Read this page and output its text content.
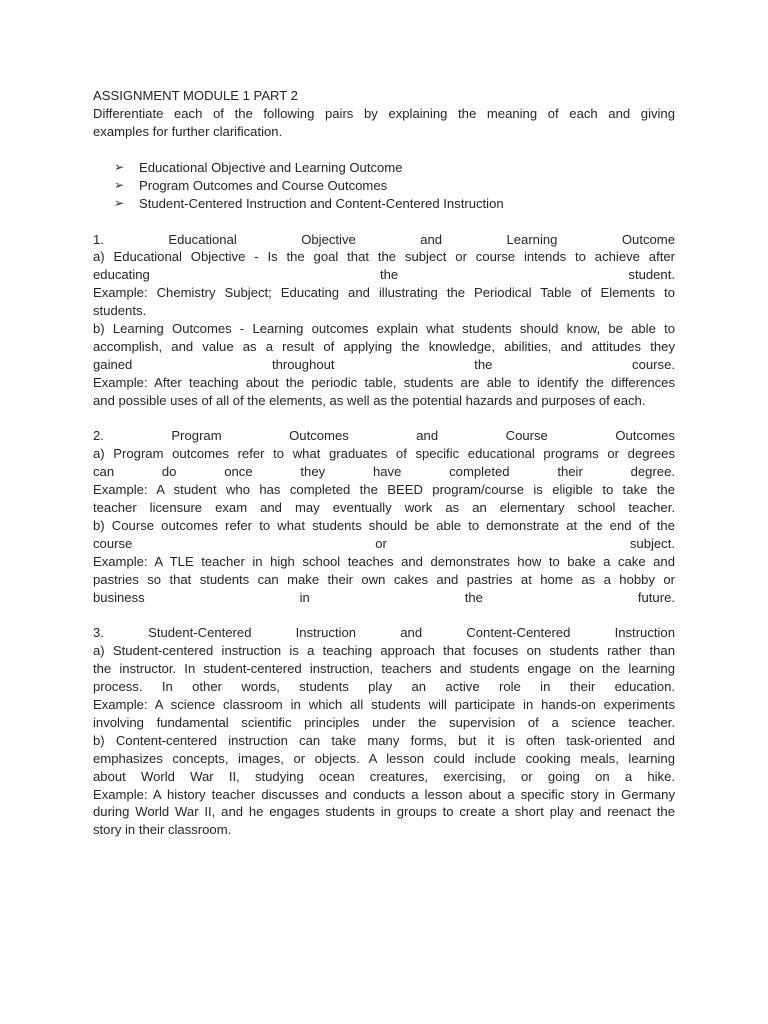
ASSIGNMENT MODULE 1 PART 2
Differentiate each of the following pairs by explaining the meaning of each and giving
examples for further clarification.
➢ Educational Objective and Learning Outcome
➢ Program Outcomes and Course Outcomes
➢ Student-Centered Instruction and Content-Centered Instruction
1. Educational Objective and Learning Outcome
a) Educational Objective - Is the goal that the subject or course intends to achieve after
educating the student.
Example: Chemistry Subject; Educating and illustrating the Periodical Table of Elements to
students.
b) Learning Outcomes - Learning outcomes explain what students should know, be able to
accomplish, and value as a result of applying the knowledge, abilities, and attitudes they
gained throughout the course.
Example: After teaching about the periodic table, students are able to identify the differences
and possible uses of all of the elements, as well as the potential hazards and purposes of each.
2. Program Outcomes and Course Outcomes
a) Program outcomes refer to what graduates of specific educational programs or degrees
can do once they have completed their degree.
Example: A student who has completed the BEED program/course is eligible to take the
teacher licensure exam and may eventually work as an elementary school teacher.
b) Course outcomes refer to what students should be able to demonstrate at the end of the
course or subject.
Example: A TLE teacher in high school teaches and demonstrates how to bake a cake and
pastries so that students can make their own cakes and pastries at home as a hobby or
business in the future.
3. Student-Centered Instruction and Content-Centered Instruction
a) Student-centered instruction is a teaching approach that focuses on students rather than
the instructor. In student-centered instruction, teachers and students engage on the learning
process. In other words, students play an active role in their education.
Example: A science classroom in which all students will participate in hands-on experiments
involving fundamental scientific principles under the supervision of a science teacher.
b) Content-centered instruction can take many forms, but it is often task-oriented and
emphasizes concepts, images, or objects. A lesson could include cooking meals, learning
about World War II, studying ocean creatures, exercising, or going on a hike.
Example: A history teacher discusses and conducts a lesson about a specific story in Germany
during World War II, and he engages students in groups to create a short play and reenact the
story in their classroom.
